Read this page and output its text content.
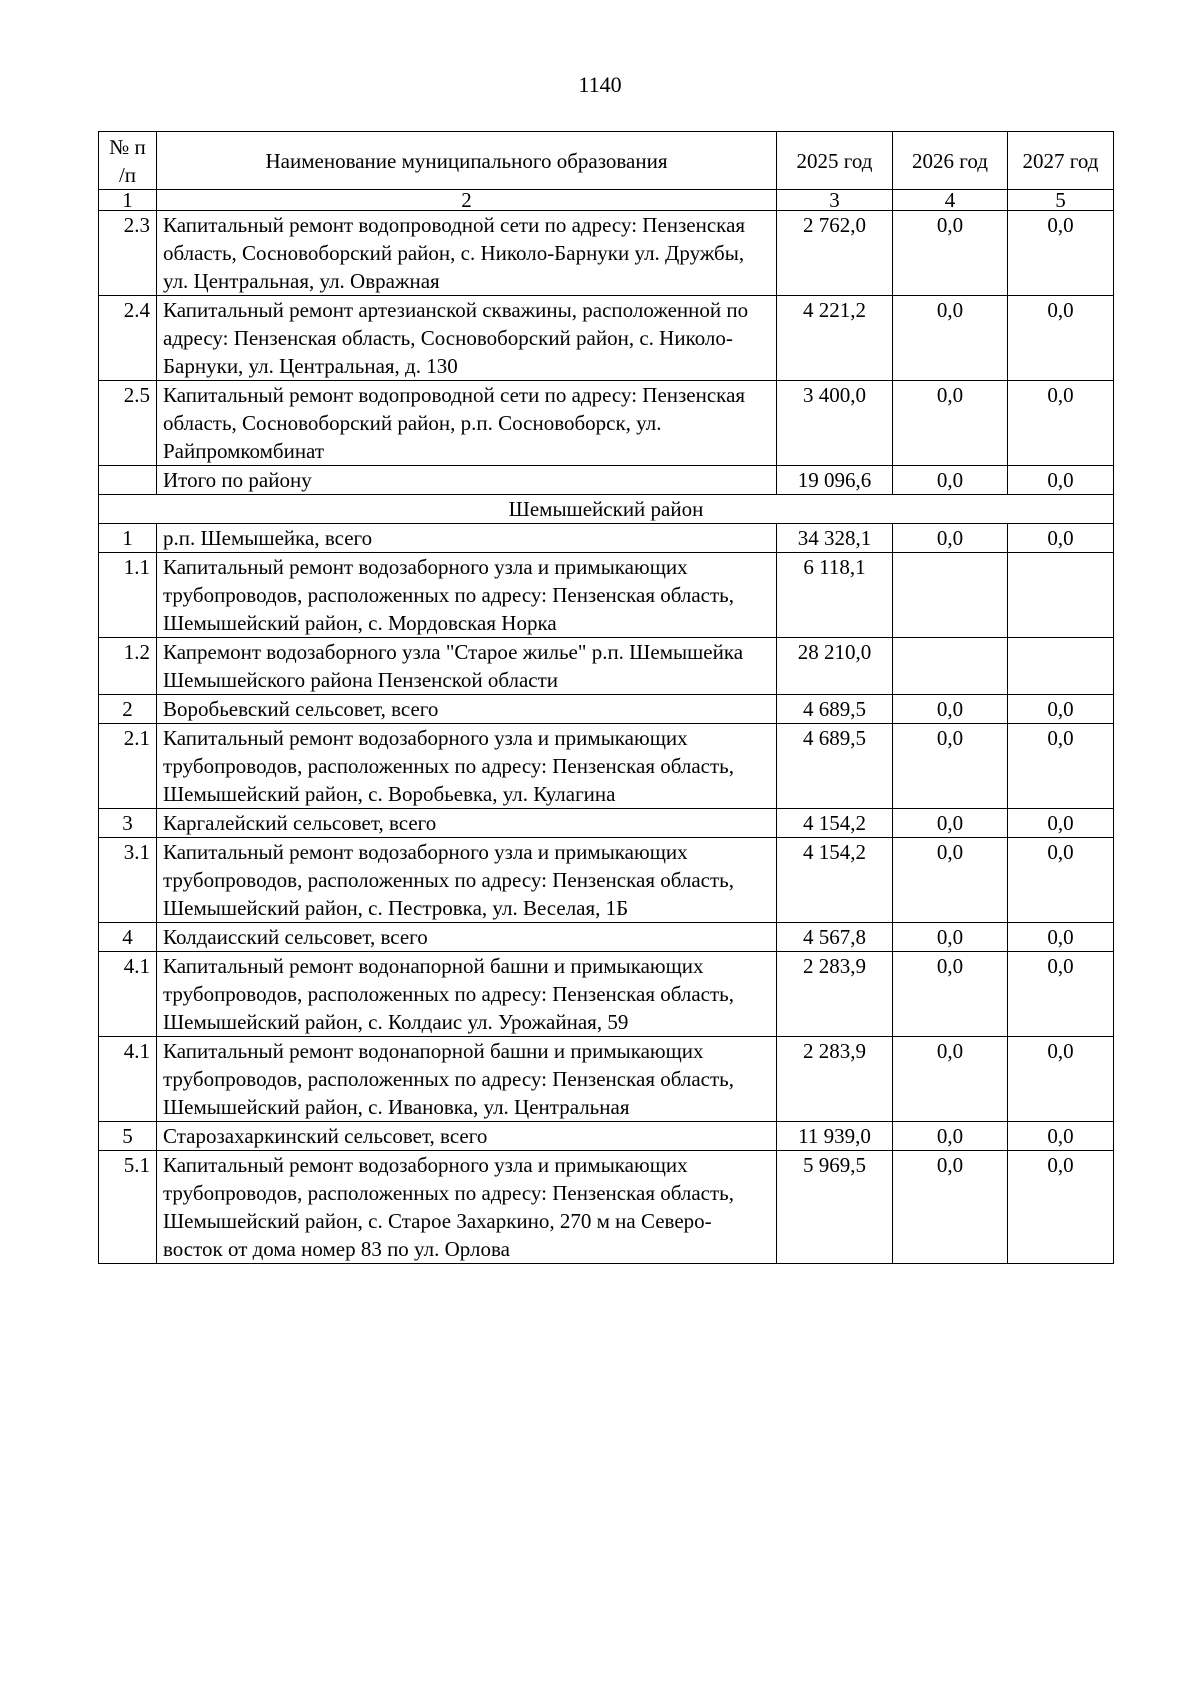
1140
№ п /п	Наименование муниципального образования	2025 год	2026 год	2027 год
1	2	3	4	5
2.3	Капитальный ремонт водопроводной сети по адресу: Пензенская область, Сосновоборский район, с. Николо-Барнуки ул. Дружбы, ул. Центральная, ул. Овражная	2 762,0	0,0	0,0
2.4	Капитальный ремонт артезианской скважины, расположенной по адресу: Пензенская область, Сосновоборский район, с. Николо-Барнуки, ул. Центральная, д. 130	4 221,2	0,0	0,0
2.5	Капитальный ремонт водопроводной сети по адресу: Пензенская область, Сосновоборский район, р.п. Сосновоборск, ул. Райпромкомбинат	3 400,0	0,0	0,0
	Итого по району	19 096,6	0,0	0,0
Шемышейский район				
1	р.п. Шемышейка, всего	34 328,1	0,0	0,0
1.1	Капитальный ремонт водозаборного узла и примыкающих трубопроводов, расположенных по адресу: Пензенская область, Шемышейский район, с. Мордовская Норка	6 118,1		
1.2	Капремонт водозаборного узла "Старое жилье" р.п. Шемышейка Шемышейского района Пензенской области	28 210,0		
2	Воробьевский сельсовет, всего	4 689,5	0,0	0,0
2.1	Капитальный ремонт водозаборного узла и примыкающих трубопроводов, расположенных по адресу: Пензенская область, Шемышейский район, с. Воробьевка, ул. Кулагина	4 689,5	0,0	0,0
3	Каргалейский сельсовет, всего	4 154,2	0,0	0,0
3.1	Капитальный ремонт водозаборного узла и примыкающих трубопроводов, расположенных по адресу: Пензенская область, Шемышейский район, с. Пестровка, ул. Веселая, 1Б	4 154,2	0,0	0,0
4	Колдаисский сельсовет, всего	4 567,8	0,0	0,0
4.1	Капитальный ремонт водонапорной башни и примыкающих трубопроводов, расположенных по адресу: Пензенская область, Шемышейский район, с. Колдаис ул. Урожайная, 59	2 283,9	0,0	0,0
4.1	Капитальный ремонт водонапорной башни и примыкающих трубопроводов, расположенных по адресу: Пензенская область, Шемышейский район, с. Ивановка, ул. Центральная	2 283,9	0,0	0,0
5	Старозахаркинский сельсовет, всего	11 939,0	0,0	0,0
5.1	Капитальный ремонт водозаборного узла и примыкающих трубопроводов, расположенных по адресу: Пензенская область, Шемышейский район, с. Старое Захаркино, 270 м на Северо-восток от дома номер 83 по ул. Орлова	5 969,5	0,0	0,0
